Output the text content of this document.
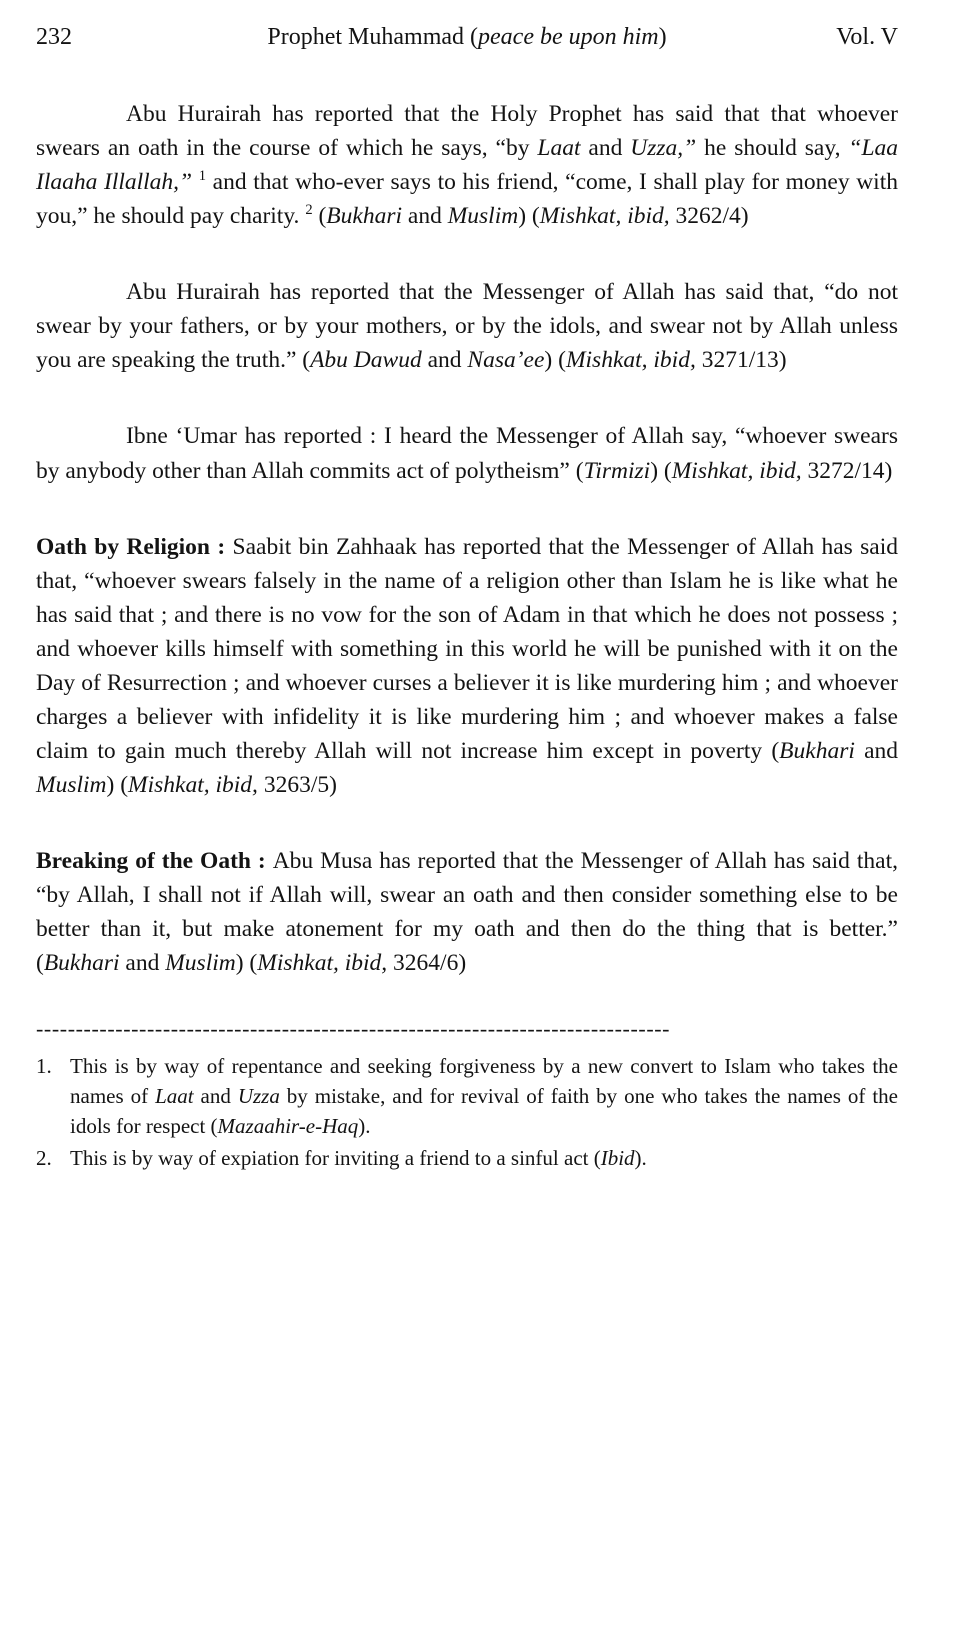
232	Prophet Muhammad (peace be upon him)	Vol. V

Abu Hurairah has reported that the Holy Prophet has said that that whoever swears an oath in the course of which he says, “by Laat and Uzza,” he should say, “Laa Ilaaha Illallah,” $^1$ and that who-ever says to his friend, “come, I shall play for money with you,” he should pay charity. $^2$ (Bukhari and Muslim) (Mishkat, ibid, 3262/4)

Abu Hurairah has reported that the Messenger of Allah has said that, “do not swear by your fathers, or by your mothers, or by the idols, and swear not by Allah unless you are speaking the truth.” (Abu Dawud and Nasa’ee) (Mishkat, ibid, 3271/13)

Ibne ‘Umar has reported : I heard the Messenger of Allah say, “whoever swears by anybody other than Allah commits act of polytheism” (Tirmizi) (Mishkat, ibid, 3272/14)

Oath by Religion : Saabit bin Zahhaak has reported that the Messenger of Allah has said that, “whoever swears falsely in the name of a religion other than Islam he is like what he has said that ; and there is no vow for the son of Adam in that which he does not possess ; and whoever kills himself with something in this world he will be punished with it on the Day of Resurrection ; and whoever curses a believer it is like murdering him ; and whoever charges a believer with infidelity it is like murdering him ; and whoever makes a false claim to gain much thereby Allah will not increase him except in poverty (Bukhari and Muslim) (Mishkat, ibid, 3263/5)

Breaking of the Oath : Abu Musa has reported that the Messenger of Allah has said that, “by Allah, I shall not if Allah will, swear an oath and then consider something else to be better than it, but make atonement for my oath and then do the thing that is better.” (Bukhari and Muslim) (Mishkat, ibid, 3264/6)

--------------------------------------------------------------------------------
1. This is by way of repentance and seeking forgiveness by a new convert to Islam who takes the names of Laat and Uzza by mistake, and for revival of faith by one who takes the names of the idols for respect (Mazaahir-e-Haq).
2. This is by way of expiation for inviting a friend to a sinful act (Ibid).
